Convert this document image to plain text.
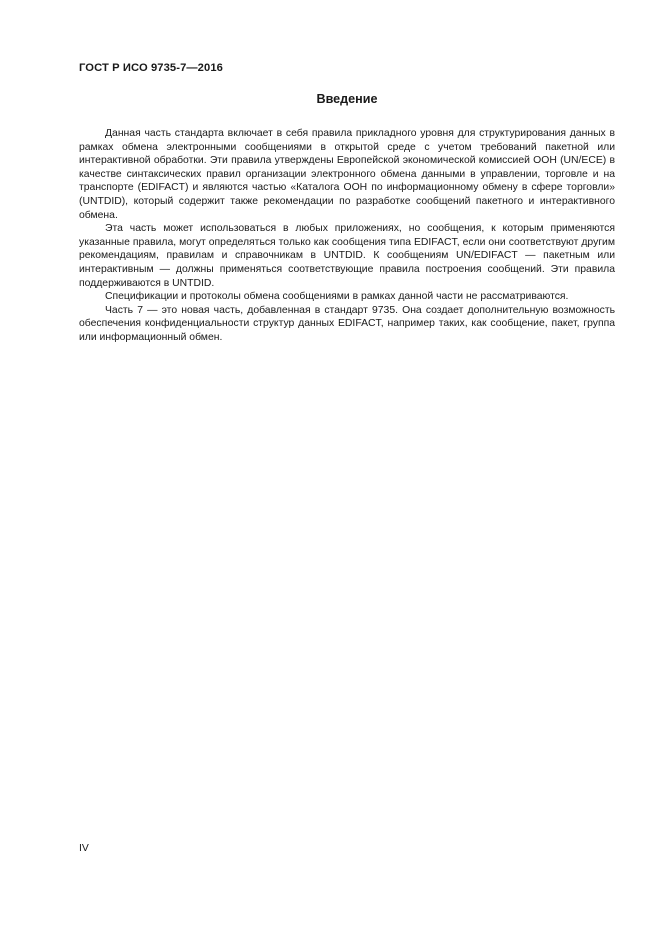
ГОСТ Р ИСО 9735-7—2016
Введение

Данная часть стандарта включает в себя правила прикладного уровня для структурирования данных в рамках обмена электронными сообщениями в открытой среде с учетом требований пакетной или интерактивной обработки. Эти правила утверждены Европейской экономической комиссией ООН (UN/ECE) в качестве синтаксических правил организации электронного обмена данными в управлении, торговле и на транспорте (EDIFACT) и являются частью «Каталога ООН по информационному обмену в сфере торговли» (UNTDID), который содержит также рекомендации по разработке сообщений пакетного и интерактивного обмена.

Эта часть может использоваться в любых приложениях, но сообщения, к которым применяются указанные правила, могут определяться только как сообщения типа EDIFACT, если они соответствуют другим рекомендациям, правилам и справочникам в UNTDID. К сообщениям UN/EDIFACT — пакетным или интерактивным — должны применяться соответствующие правила построения сообщений. Эти правила поддерживаются в UNTDID.

Спецификации и протоколы обмена сообщениями в рамках данной части не рассматриваются.

Часть 7 — это новая часть, добавленная в стандарт 9735. Она создает дополнительную возможность обеспечения конфиденциальности структур данных EDIFACT, например таких, как сообщение, пакет, группа или информационный обмен.

IV
